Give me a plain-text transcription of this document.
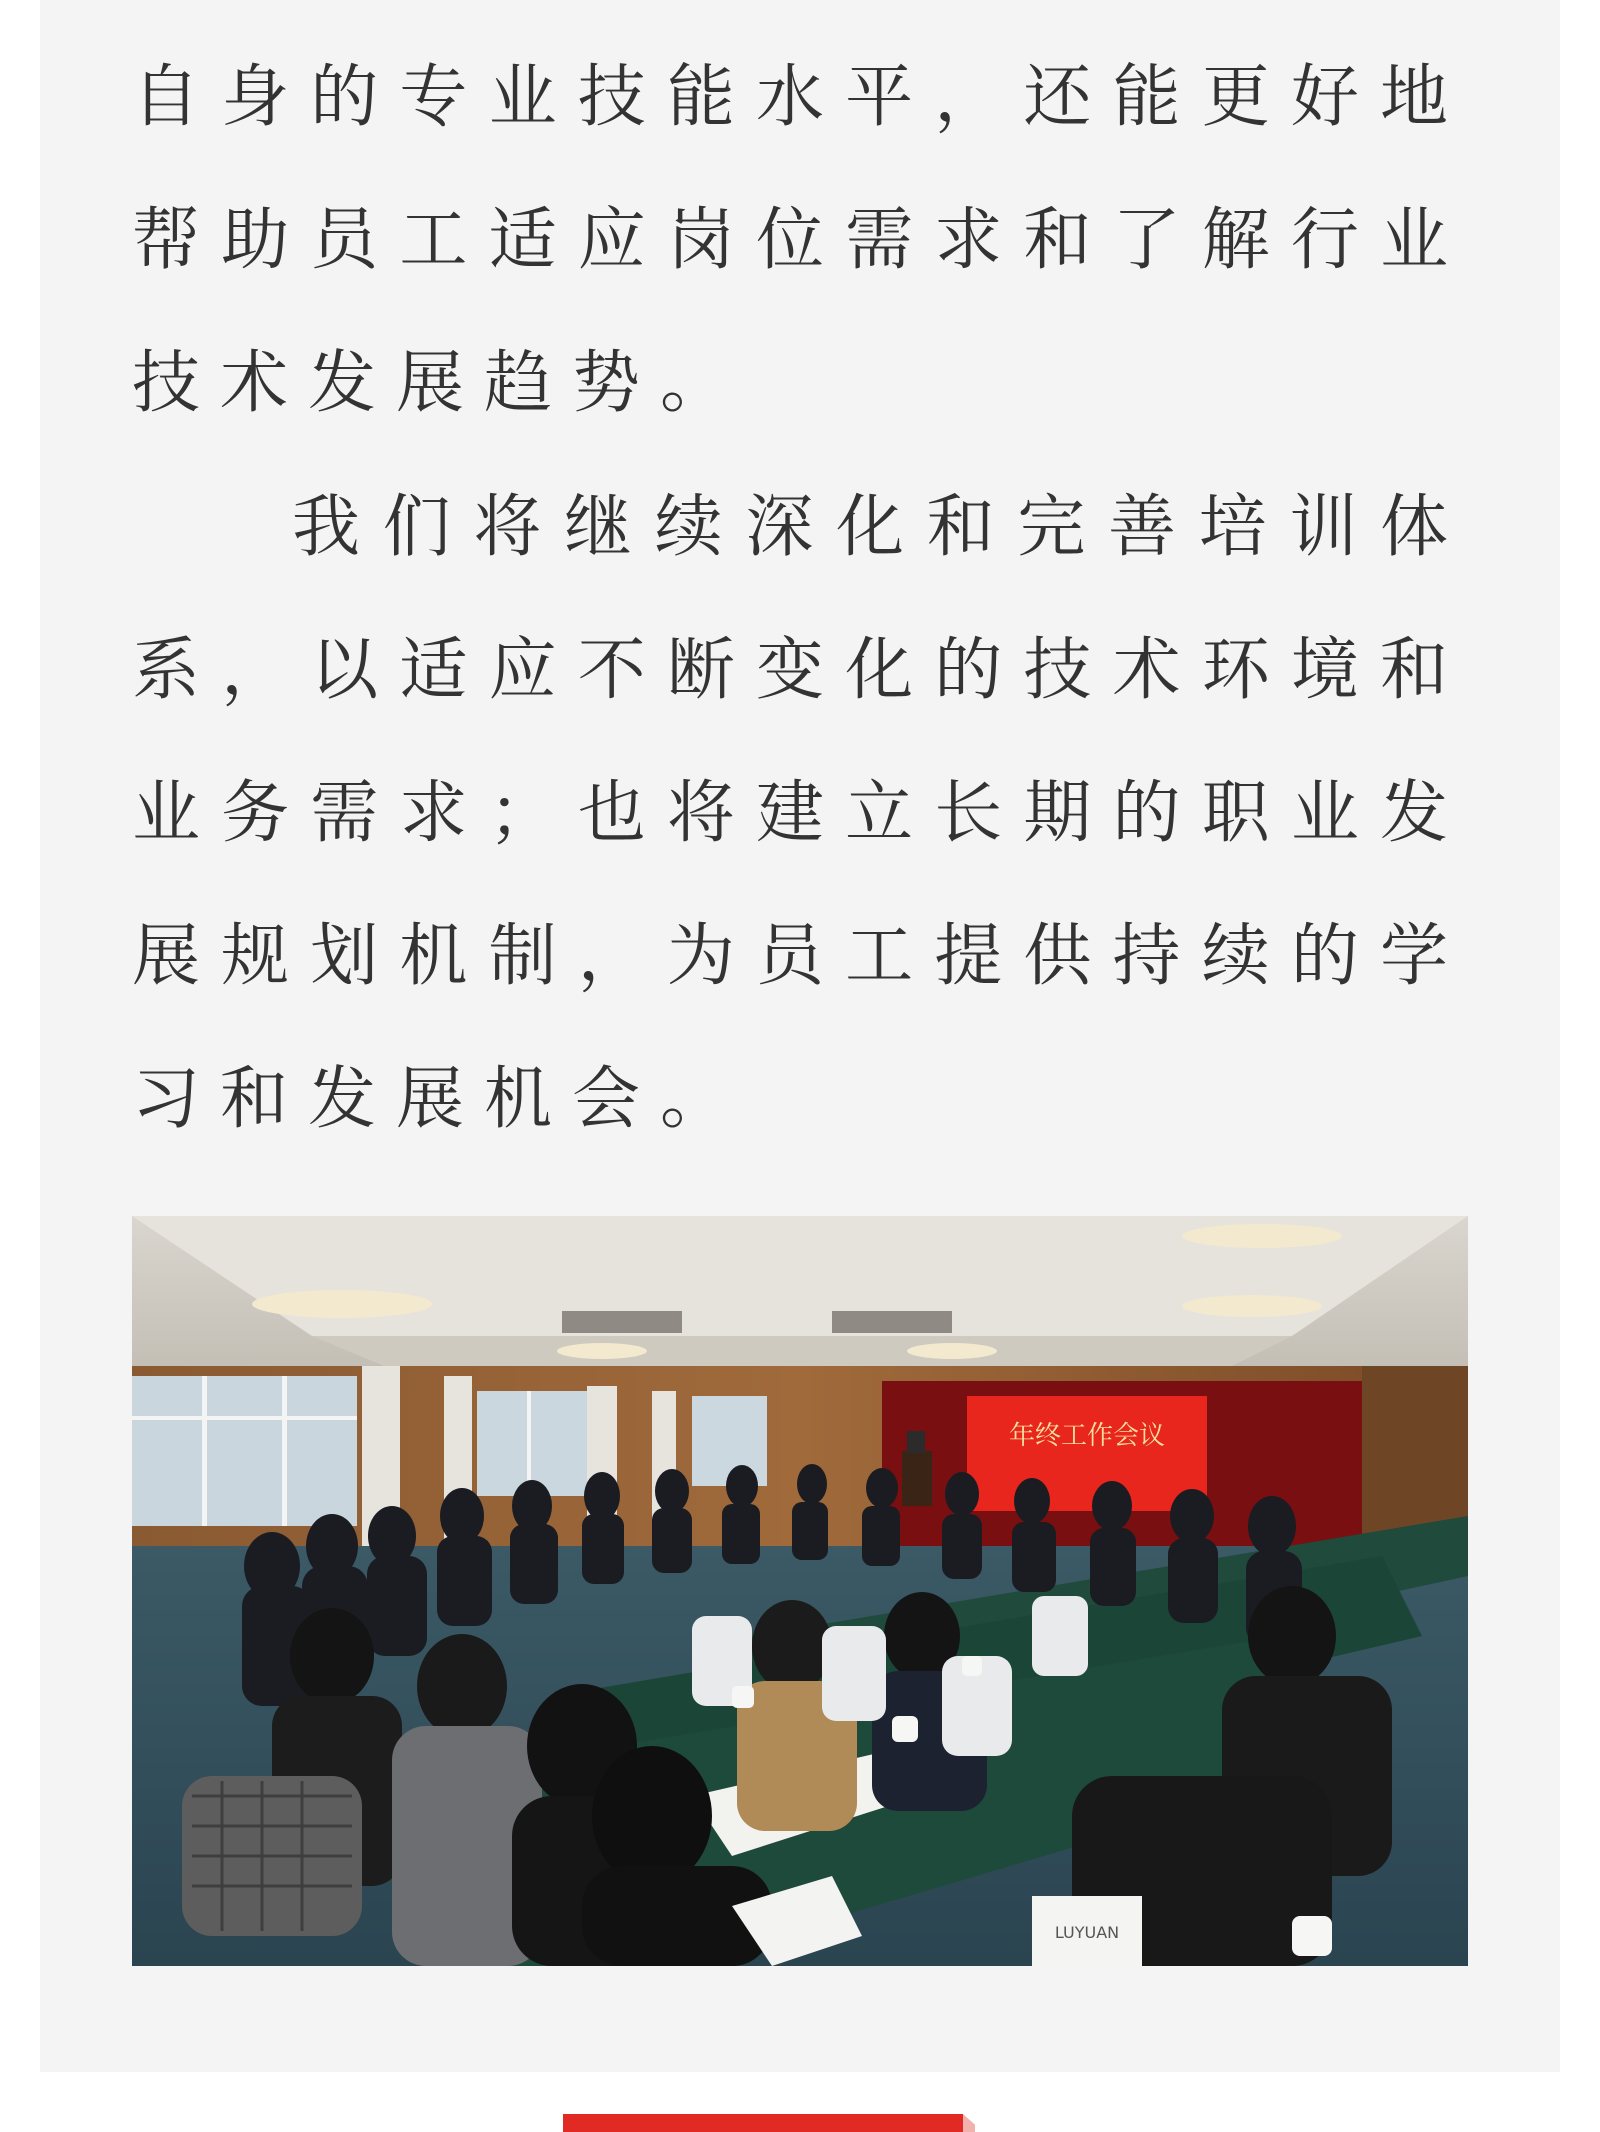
自身的专业技能水平，还能更好地帮助员工适应岗位需求和了解行业技术发展趋势。

我们将继续深化和完善培训体系，以适应不断变化的技术环境和业务需求；也将建立长期的职业发展规划机制，为员工提供持续的学习和发展机会。

年终工作会议
LUYUAN
